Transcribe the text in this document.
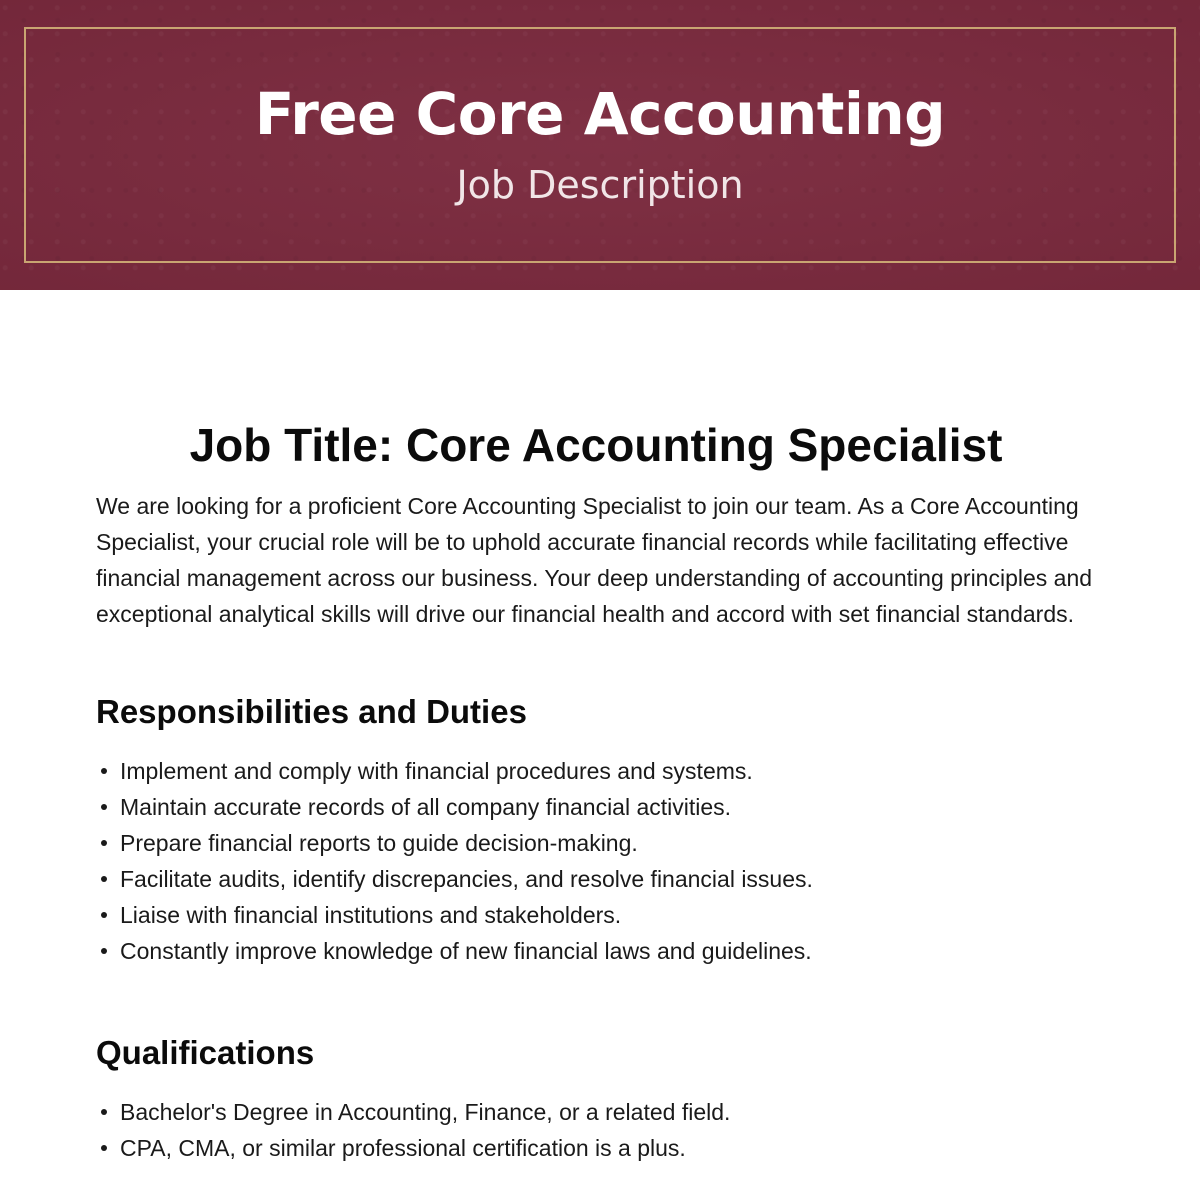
Free Core Accounting
Job Description
Job Title: Core Accounting Specialist

We are looking for a proficient Core Accounting Specialist to join our team. As a Core Accounting Specialist, your crucial role will be to uphold accurate financial records while facilitating effective financial management across our business. Your deep understanding of accounting principles and exceptional analytical skills will drive our financial health and accord with set financial standards.

Responsibilities and Duties
Implement and comply with financial procedures and systems.
Maintain accurate records of all company financial activities.
Prepare financial reports to guide decision-making.
Facilitate audits, identify discrepancies, and resolve financial issues.
Liaise with financial institutions and stakeholders.
Constantly improve knowledge of new financial laws and guidelines.
Qualifications
Bachelor's Degree in Accounting, Finance, or a related field.
CPA, CMA, or similar professional certification is a plus.
